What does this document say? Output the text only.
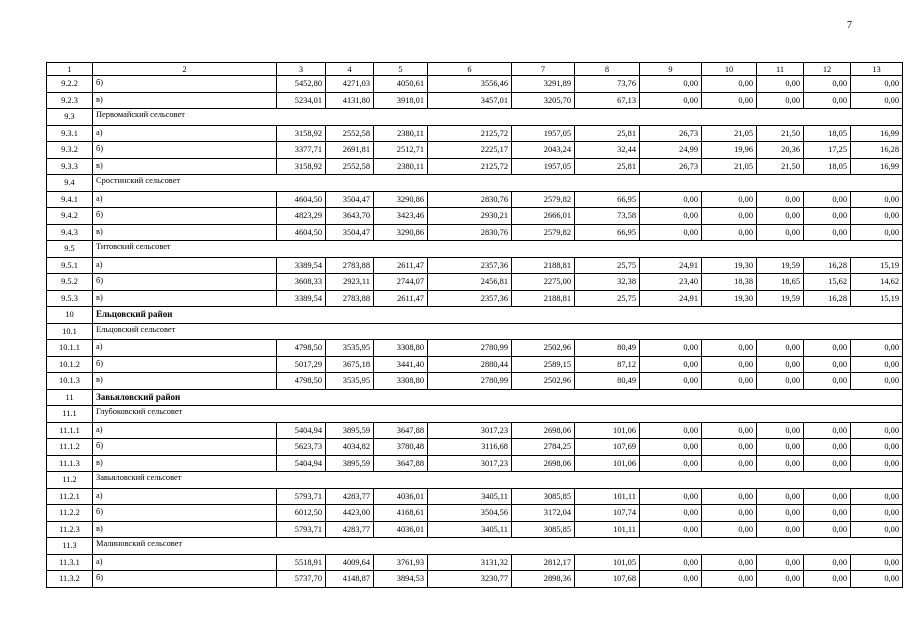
7
1	2	3	4	5	6	7	8	9	10	11	12	13
9.2.2	б)	5452,80	4271,03	4050,61	3556,46	3291,89	73,76	0,00	0,00	0,00	0,00	0,00
9.2.3	в)	5234,01	4131,80	3918,01	3457,01	3205,70	67,13	0,00	0,00	0,00	0,00	0,00
9.3	Первомайский сельсовет											
9.3.1	а)	3158,92	2552,58	2380,11	2125,72	1957,05	25,81	26,73	21,05	21,50	18,05	16,99
9.3.2	б)	3377,71	2691,81	2512,71	2225,17	2043,24	32,44	24,99	19,96	20,36	17,25	16,28
9.3.3	в)	3158,92	2552,58	2380,11	2125,72	1957,05	25,81	26,73	21,05	21,50	18,05	16,99
9.4	Сростинский сельсовет											
9.4.1	а)	4604,50	3504,47	3290,86	2830,76	2579,82	66,95	0,00	0,00	0,00	0,00	0,00
9.4.2	б)	4823,29	3643,70	3423,46	2930,21	2666,01	73,58	0,00	0,00	0,00	0,00	0,00
9.4.3	в)	4604,50	3504,47	3290,86	2830,76	2579,82	66,95	0,00	0,00	0,00	0,00	0,00
9.5	Титовский сельсовет											
9.5.1	а)	3389,54	2783,88	2611,47	2357,36	2188,81	25,75	24,91	19,30	19,59	16,28	15,19
9.5.2	б)	3608,33	2923,11	2744,07	2456,81	2275,00	32,38	23,40	18,38	18,65	15,62	14,62
9.5.3	в)	3389,54	2783,88	2611,47	2357,36	2188,81	25,75	24,91	19,30	19,59	16,28	15,19
10	Ельцовский район											
10.1	Ельцовский сельсовет											
10.1.1	а)	4798,50	3535,95	3308,80	2780,99	2502,96	80,49	0,00	0,00	0,00	0,00	0,00
10.1.2	б)	5017,29	3675,18	3441,40	2880,44	2589,15	87,12	0,00	0,00	0,00	0,00	0,00
10.1.3	в)	4798,50	3535,95	3308,80	2780,99	2502,96	80,49	0,00	0,00	0,00	0,00	0,00
11	Завьяловский район											
11.1	Глубоковский сельсовет											
11.1.1	а)	5404,94	3895,59	3647,88	3017,23	2698,06	101,06	0,00	0,00	0,00	0,00	0,00
11.1.2	б)	5623,73	4034,82	3780,48	3116,68	2784,25	107,69	0,00	0,00	0,00	0,00	0,00
11.1.3	в)	5404,94	3895,59	3647,88	3017,23	2698,06	101,06	0,00	0,00	0,00	0,00	0,00
11.2	Завьяловский сельсовет											
11.2.1	а)	5793,71	4283,77	4036,01	3405,11	3085,85	101,11	0,00	0,00	0,00	0,00	0,00
11.2.2	б)	6012,50	4423,00	4168,61	3504,56	3172,04	107,74	0,00	0,00	0,00	0,00	0,00
11.2.3	в)	5793,71	4283,77	4036,01	3405,11	3085,85	101,11	0,00	0,00	0,00	0,00	0,00
11.3	Малиновский сельсовет											
11.3.1	а)	5518,91	4009,64	3761,93	3131,32	2812,17	101,05	0,00	0,00	0,00	0,00	0,00
11.3.2	б)	5737,70	4148,87	3894,53	3230,77	2898,36	107,68	0,00	0,00	0,00	0,00	0,00
